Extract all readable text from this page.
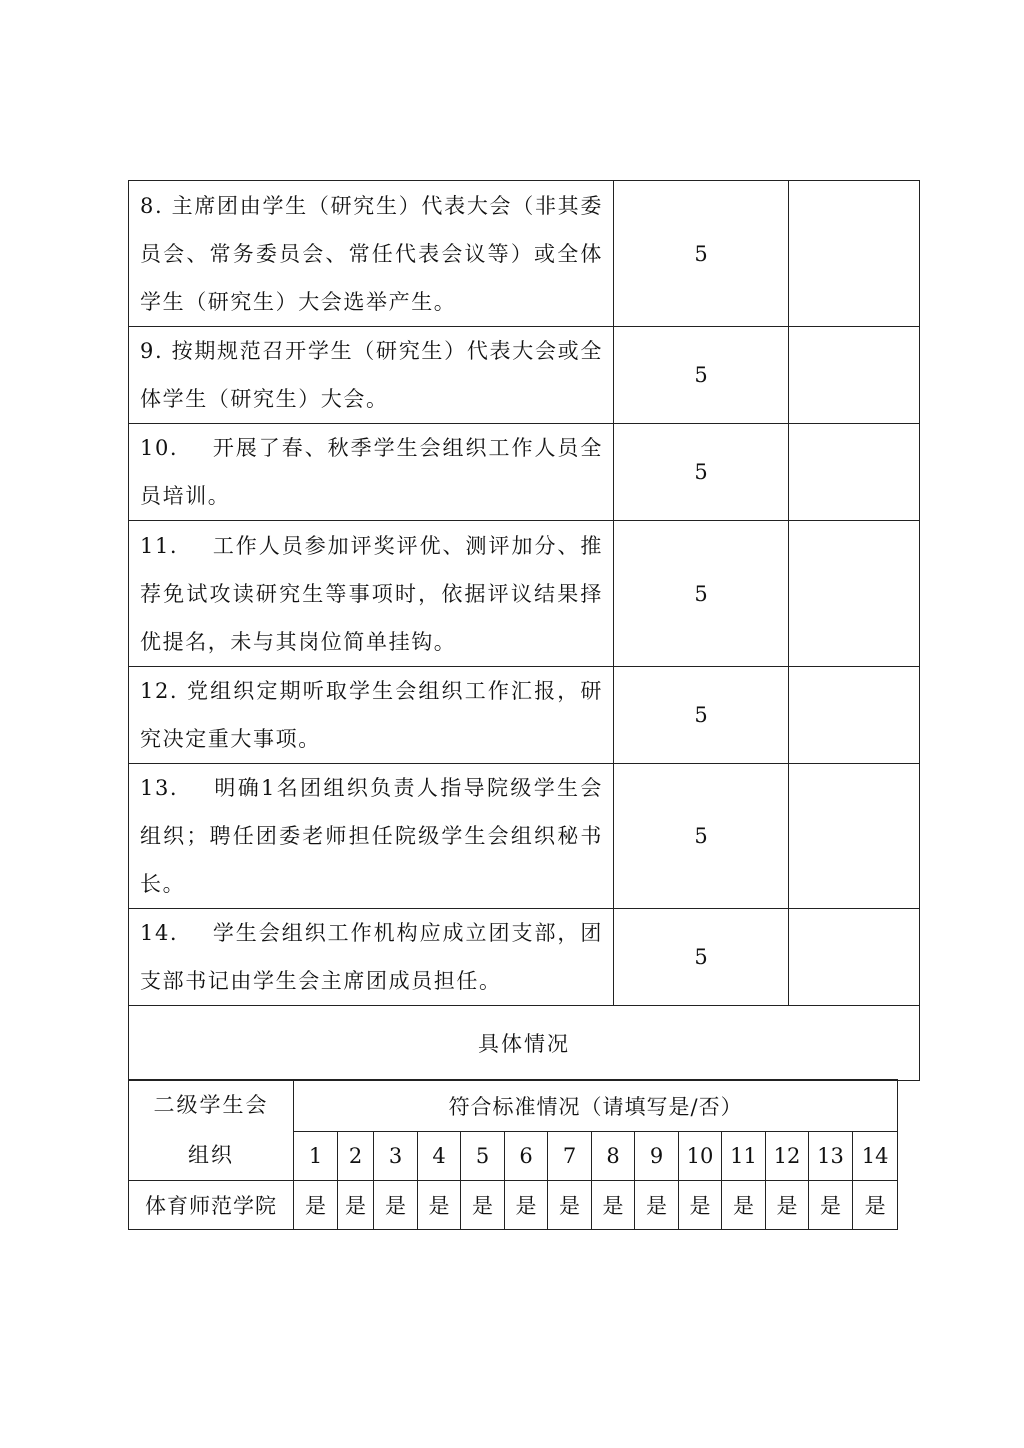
8. 主席团由学生（研究生）代表大会（非其委员会、常务委员会、常任代表会议等）或全体学生（研究生）大会选举产生。	5	
9. 按期规范召开学生（研究生）代表大会或全体学生（研究生）大会。	5	
10. 开展了春、秋季学生会组织工作人员全员培训。	5	
11. 工作人员参加评奖评优、测评加分、推荐免试攻读研究生等事项时，依据评议结果择优提名，未与其岗位简单挂钩。	5	
12. 党组织定期听取学生会组织工作汇报，研究决定重大事项。	5	
13. 明确1名团组织负责人指导院级学生会组织；聘任团委老师担任院级学生会组织秘书长。	5	
14. 学生会组织工作机构应成立团支部，团支部书记由学生会主席团成员担任。	5	
具体情况		
二级学生会
组织	符合标准情况（请填写是/否）													
	1	2	3	4	5	6	7	8	9	10	11	12	13	14
体育师范学院	是	是	是	是	是	是	是	是	是	是	是	是	是	是
